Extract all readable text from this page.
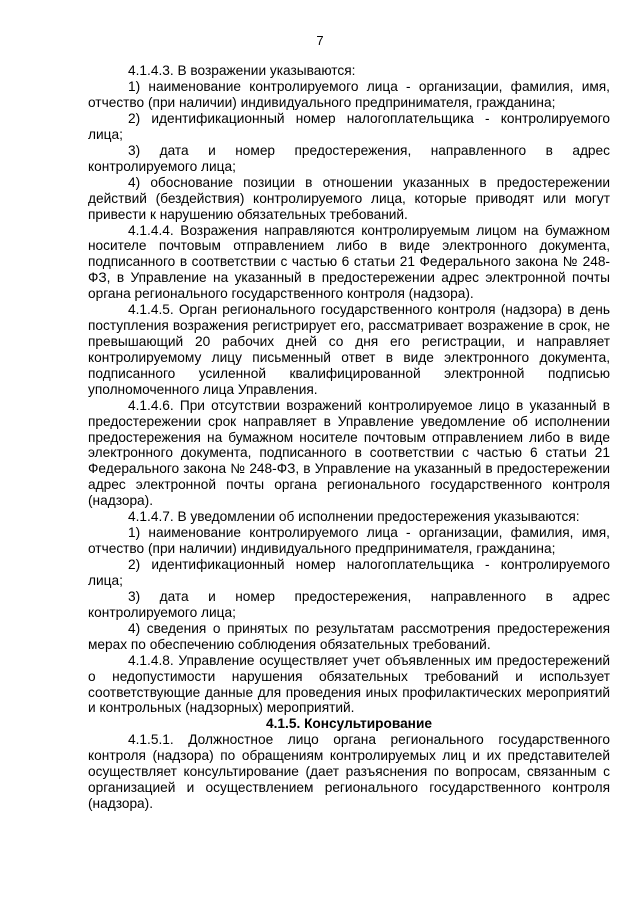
7

4.1.4.3. В возражении указываются:

1) наименование контролируемого лица - организации, фамилия, имя, отчество (при наличии) индивидуального предпринимателя, гражданина;

2) идентификационный номер налогоплательщика - контролируемого лица;

3) дата и номер предостережения, направленного в адрес контролируемого лица;

4) обоснование позиции в отношении указанных в предостережении действий (бездействия) контролируемого лица, которые приводят или могут привести к нарушению обязательных требований.

4.1.4.4. Возражения направляются контролируемым лицом на бумажном носителе почтовым отправлением либо в виде электронного документа, подписанного в соответствии с частью 6 статьи 21 Федерального закона № 248-ФЗ, в Управление на указанный в предостережении адрес электронной почты органа регионального государственного контроля (надзора).

4.1.4.5. Орган регионального государственного контроля (надзора) в день поступления возражения регистрирует его, рассматривает возражение в срок, не превышающий 20 рабочих дней со дня его регистрации, и направляет контролируемому лицу письменный ответ в виде электронного документа, подписанного усиленной квалифицированной электронной подписью уполномоченного лица Управления.

4.1.4.6. При отсутствии возражений контролируемое лицо в указанный в предостережении срок направляет в Управление уведомление об исполнении предостережения на бумажном носителе почтовым отправлением либо в виде электронного документа, подписанного в соответствии с частью 6 статьи 21 Федерального закона № 248-ФЗ, в Управление на указанный в предостережении адрес электронной почты органа регионального государственного контроля (надзора).

4.1.4.7. В уведомлении об исполнении предостережения указываются:

1) наименование контролируемого лица - организации, фамилия, имя, отчество (при наличии) индивидуального предпринимателя, гражданина;

2) идентификационный номер налогоплательщика - контролируемого лица;

3) дата и номер предостережения, направленного в адрес контролируемого лица;

4) сведения о принятых по результатам рассмотрения предостережения мерах по обеспечению соблюдения обязательных требований.

4.1.4.8. Управление осуществляет учет объявленных им предостережений о недопустимости нарушения обязательных требований и использует соответствующие данные для проведения иных профилактических мероприятий и контрольных (надзорных) мероприятий.

4.1.5. Консультирование

4.1.5.1. Должностное лицо органа регионального государственного контроля (надзора) по обращениям контролируемых лиц и их представителей осуществляет консультирование (дает разъяснения по вопросам, связанным с организацией и осуществлением регионального государственного контроля (надзора).
